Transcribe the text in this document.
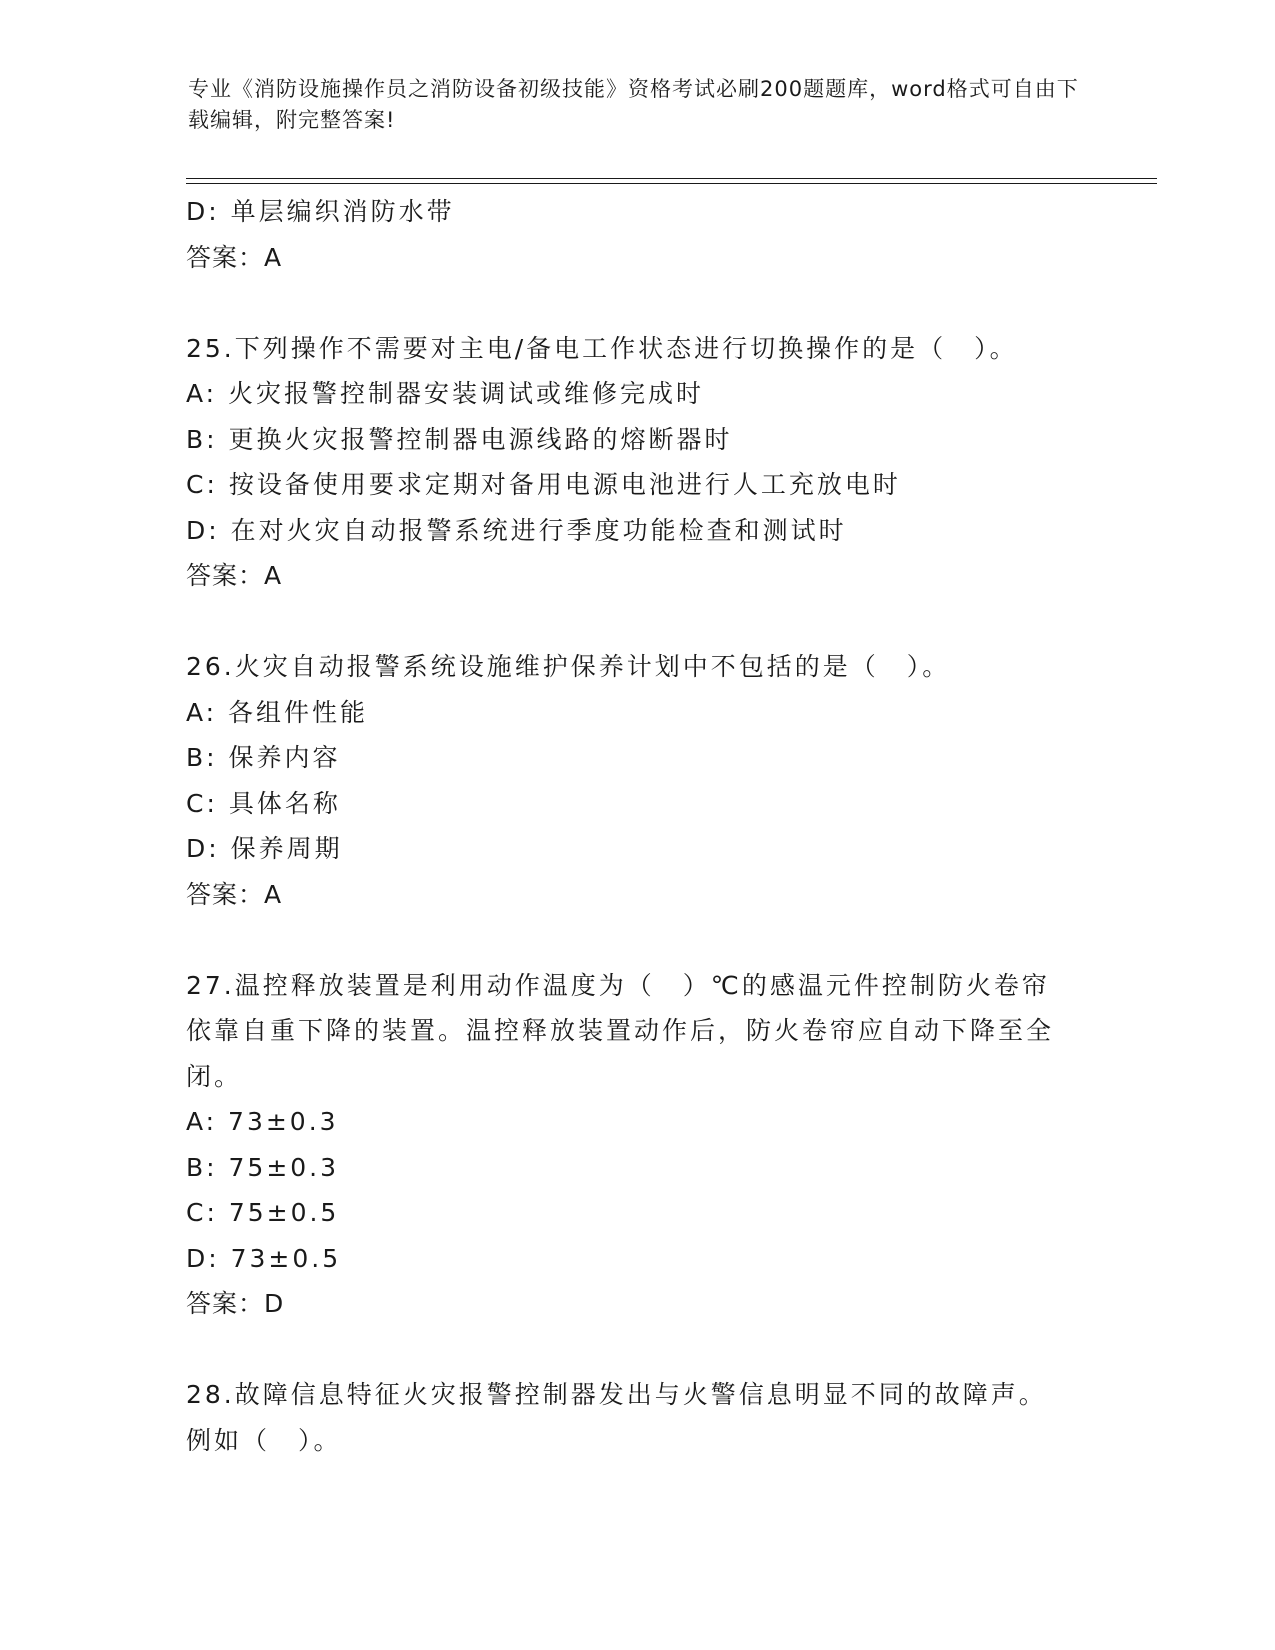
专业《消防设施操作员之消防设备初级技能》资格考试必刷200题题库，word格式可自由下载编辑，附完整答案!
D: 单层编织消防水带
答案：A
25.下列操作不需要对主电/备电工作状态进行切换操作的是（　）。
A: 火灾报警控制器安装调试或维修完成时
B: 更换火灾报警控制器电源线路的熔断器时
C: 按设备使用要求定期对备用电源电池进行人工充放电时
D: 在对火灾自动报警系统进行季度功能检查和测试时
答案：A
26.火灾自动报警系统设施维护保养计划中不包括的是（　）。
A: 各组件性能
B: 保养内容
C: 具体名称
D: 保养周期
答案：A
27.温控释放装置是利用动作温度为（　）℃的感温元件控制防火卷帘依靠自重下降的装置。温控释放装置动作后，防火卷帘应自动下降至全闭。
A: 73±0.3
B: 75±0.3
C: 75±0.5
D: 73±0.5
答案：D
28.故障信息特征火灾报警控制器发出与火警信息明显不同的故障声。例如（　）。
